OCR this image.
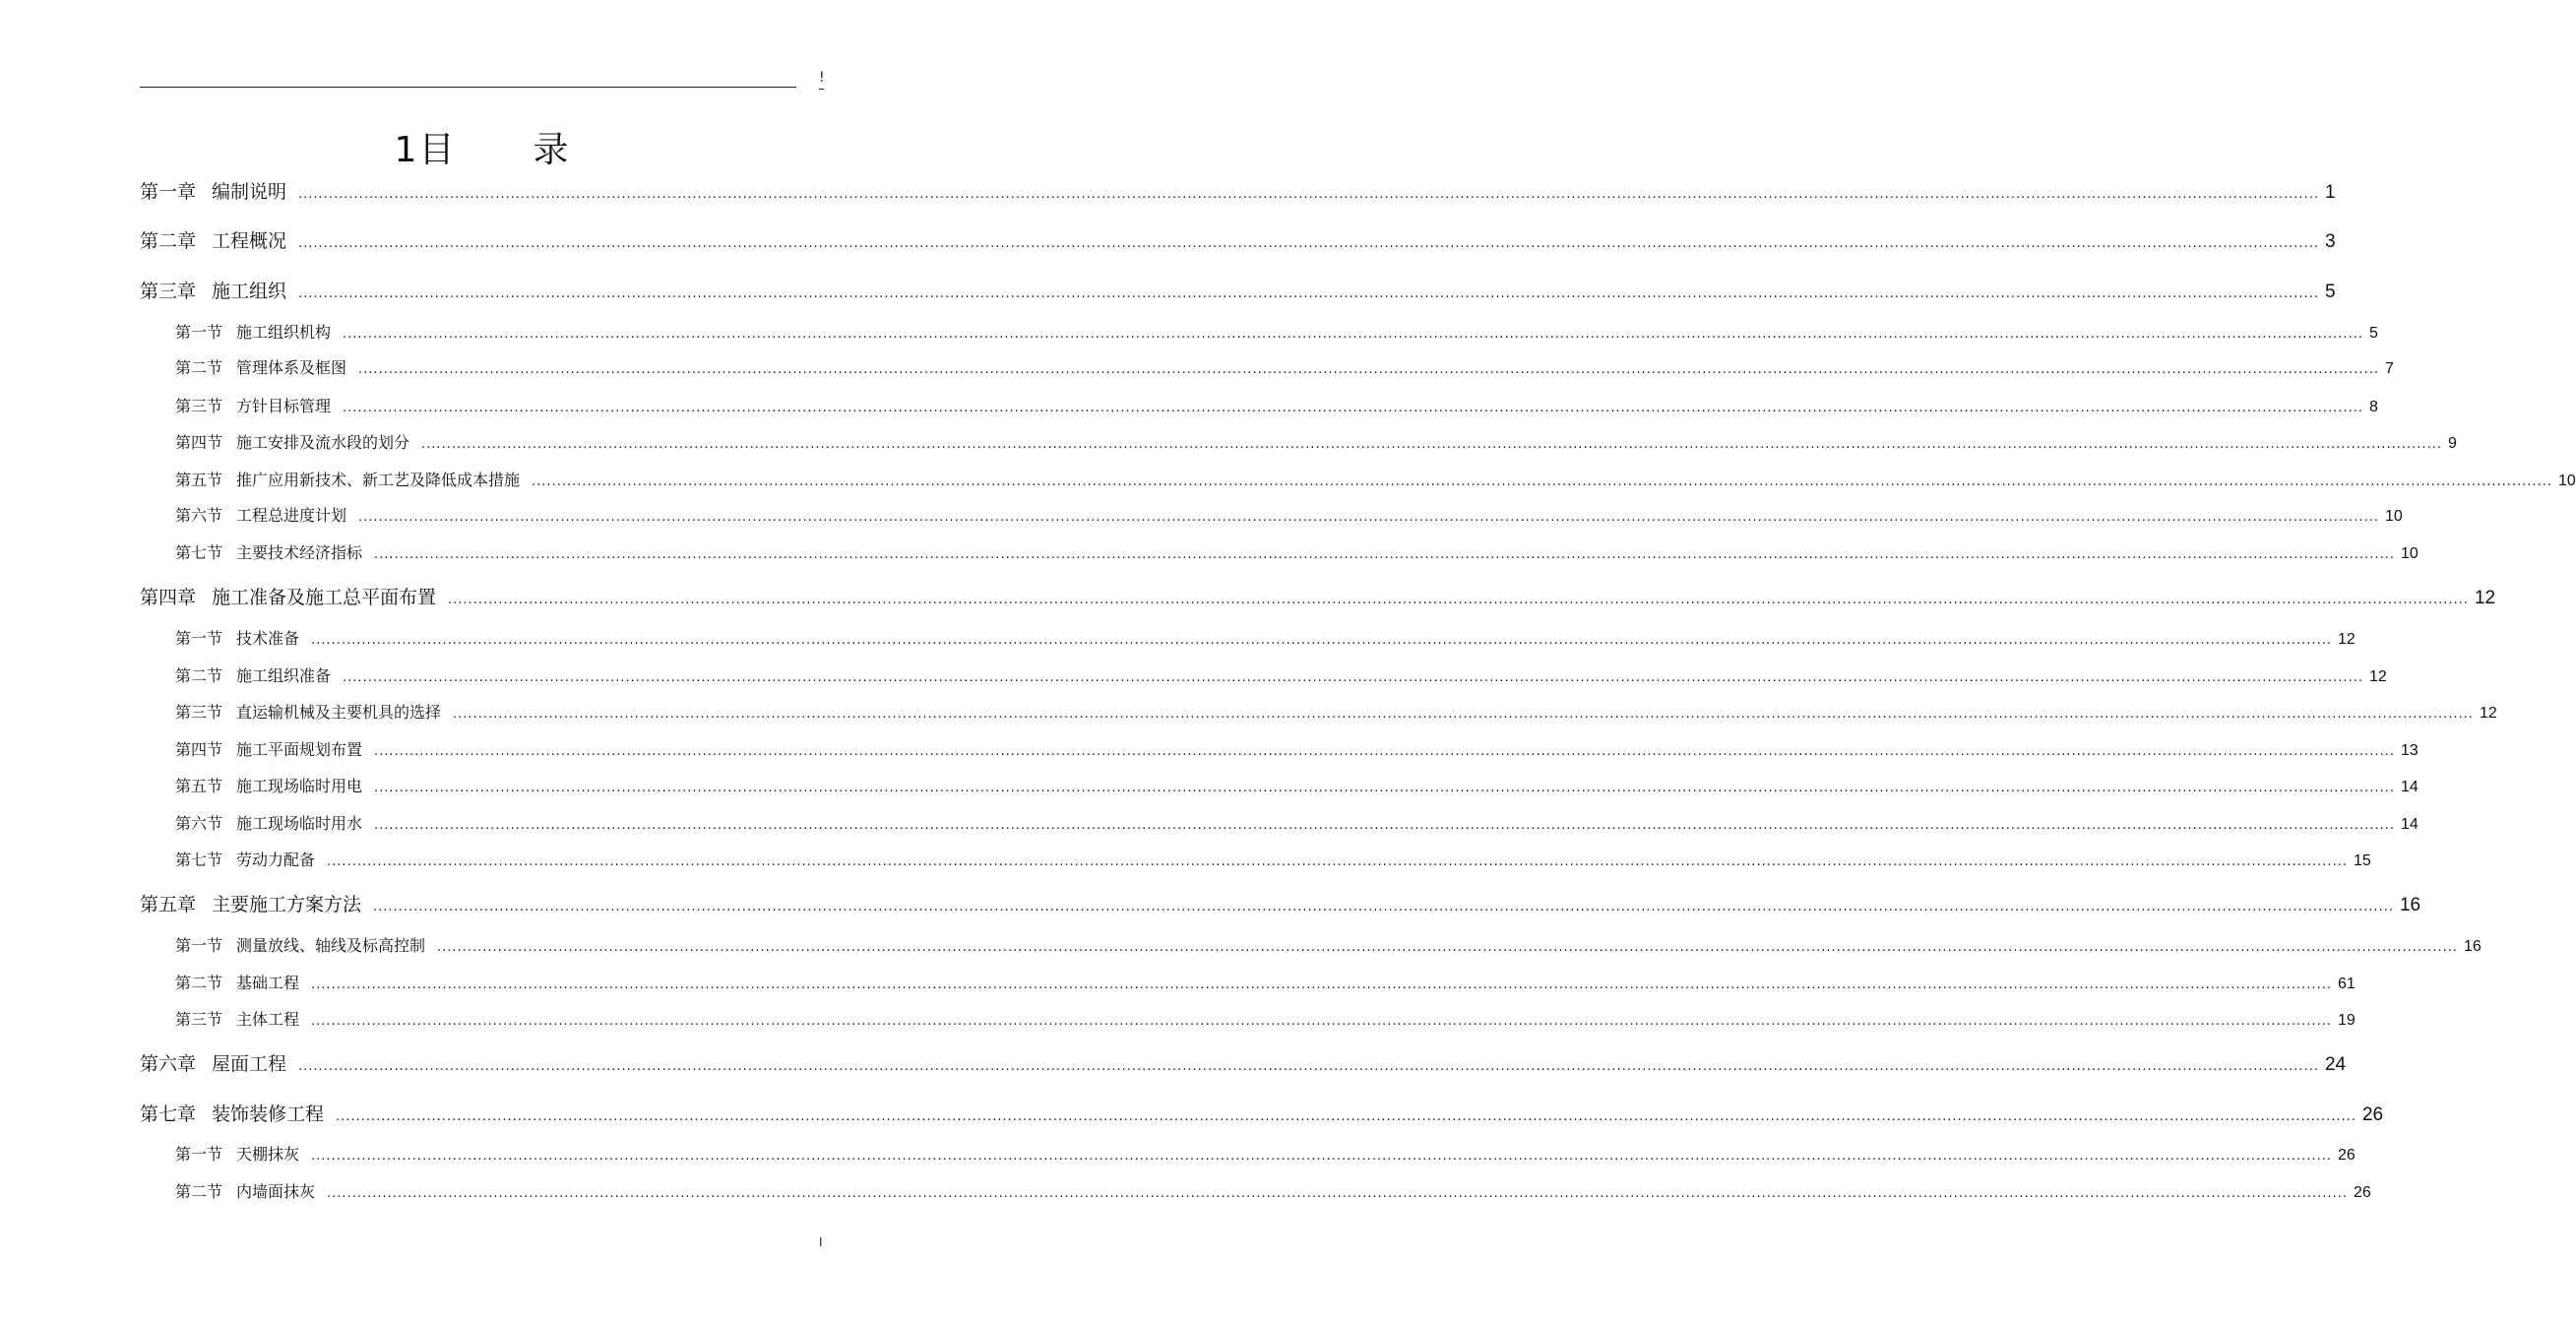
!
1目 录
第一章 编制说明 ................................................................................................................................................................................................................................................................................................................................................................................................................ 1
第二章 工程概况 ................................................................................................................................................................................................................................................................................................................................................................................................................ 3
第三章 施工组织 ................................................................................................................................................................................................................................................................................................................................................................................................................ 5
第一节 施工组织机构 ................................................................................................................................................................................................................................................................................................................................................................................................................ 5
第二节 管理体系及框图 ................................................................................................................................................................................................................................................................................................................................................................................................................ 7
第三节 方针目标管理 ................................................................................................................................................................................................................................................................................................................................................................................................................ 8
第四节 施工安排及流水段的划分 ................................................................................................................................................................................................................................................................................................................................................................................................................ 9
第五节 推广应用新技术、新工艺及降低成本措施 ................................................................................................................................................................................................................................................................................................................................................................................................................ 10
第六节 工程总进度计划 ................................................................................................................................................................................................................................................................................................................................................................................................................ 10
第七节 主要技术经济指标 ................................................................................................................................................................................................................................................................................................................................................................................................................ 10
第四章 施工准备及施工总平面布置 ................................................................................................................................................................................................................................................................................................................................................................................................................ 12
第一节 技术准备 ................................................................................................................................................................................................................................................................................................................................................................................................................ 12
第二节 施工组织准备 ................................................................................................................................................................................................................................................................................................................................................................................................................ 12
第三节 直运输机械及主要机具的选择 ................................................................................................................................................................................................................................................................................................................................................................................................................ 12
第四节 施工平面规划布置 ................................................................................................................................................................................................................................................................................................................................................................................................................ 13
第五节 施工现场临时用电 ................................................................................................................................................................................................................................................................................................................................................................................................................ 14
第六节 施工现场临时用水 ................................................................................................................................................................................................................................................................................................................................................................................................................ 14
第七节 劳动力配备 ................................................................................................................................................................................................................................................................................................................................................................................................................ 15
第五章 主要施工方案方法 ................................................................................................................................................................................................................................................................................................................................................................................................................ 16
第一节 测量放线、轴线及标高控制 ................................................................................................................................................................................................................................................................................................................................................................................................................ 16
第二节 基础工程 ................................................................................................................................................................................................................................................................................................................................................................................................................ 61
第三节 主体工程 ................................................................................................................................................................................................................................................................................................................................................................................................................ 19
第六章 屋面工程 ................................................................................................................................................................................................................................................................................................................................................................................................................ 24
第七章 装饰装修工程 ................................................................................................................................................................................................................................................................................................................................................................................................................ 26
第一节 天棚抹灰 ................................................................................................................................................................................................................................................................................................................................................................................................................ 26
第二节 内墙面抹灰 ................................................................................................................................................................................................................................................................................................................................................................................................................ 26
I
